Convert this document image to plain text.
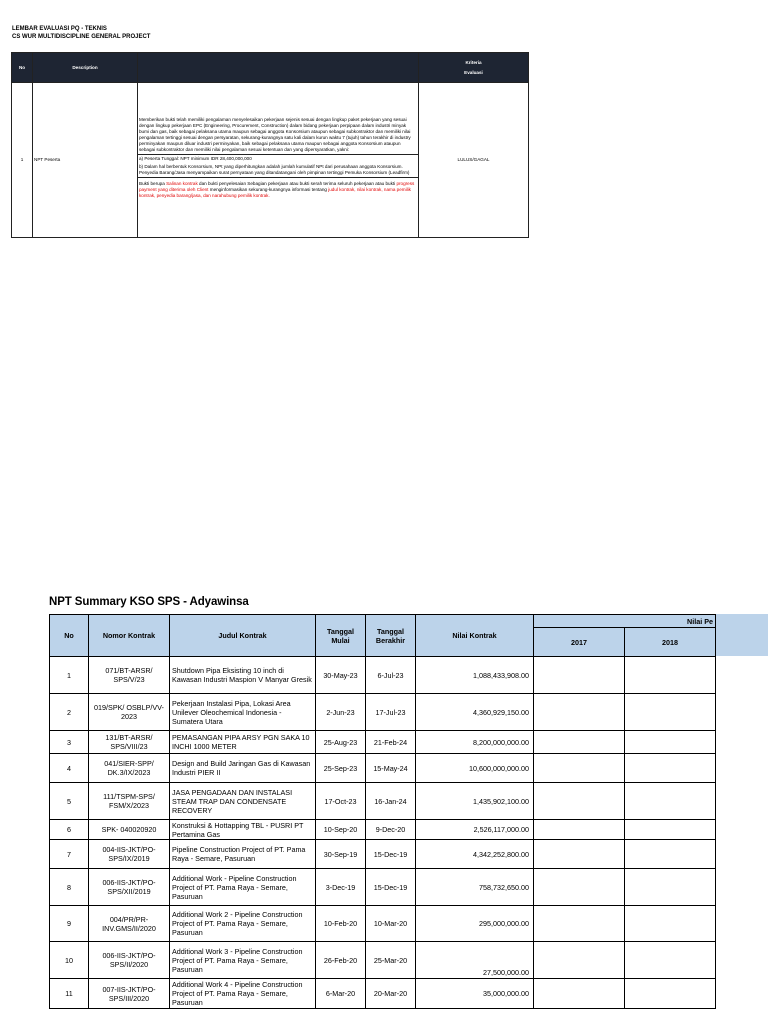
LEMBAR EVALUASI PQ - TEKNIS
CS WUR MULTIDISCIPLINE GENERAL PROJECT
No	Description		Kriteria
Evaluasi

1	NPT Peserta	Memberikan bukti telah memiliki pengalaman menyelesaikan pekerjaan sejenis sesuai dengan lingkup paket pekerjaan yang sesuai dengan lingkup pekerjaan EPC (Engineering, Procurement, Construction) dalam bidang pekerjaan perpipaan dalam industri minyak bumi dan gas, baik sebagai pelaksana utama maupun sebagai anggota Konsorsium ataupun sebagai subkontraktor dan memiliki nilai pengalaman tertinggi sesuai dengan persyaratan, sekurang-kurangnya satu kali dalam kurun waktu 7 (tujuh) tahun terakhir di industry perminyakan maupun diluar industri perminyakan, baik sebagai pelaksana utama maupun sebagai anggota Konsorsium ataupun sebagai subkontraktor dan memiliki nilai pengalaman sesuai ketentuan dan yang dipersyaratkan, yakni:
a) Peserta Tunggal: NPT minimum IDR 28,400,000,000
b) Dalam hal berbentuk Konsorsium, NPt yang diperhitungkan adalah jumlah kumulatif NPt dari perusahaan anggota Konsorsium. Penyedia Barang/Jasa menyampaikan surat pernyataan yang ditandatangani oleh pimpinan tertinggi Pemuka Konsorsium (Leadfirm)
Bukti berupa Salinan kontrak dan bukti penyelesaian Sebagian pekerjaan atau bukti serah terima seluruh pekerjaan atau bukti progress payment yang diterima oleh Client menginformasikan sekurang-kurangnya informasi tentang judul kontrak, nilai kontrak, nama pemilik kontrak, penyedia barang/jasa, dan narahubung pemilik kontrak.	LULUS/GAGAL
NPT Summary KSO SPS - Adyawinsa
No	Nomor Kontrak	Judul Kontrak	Tanggal Mulai	Tanggal Berakhir	Nilai Kontrak	Nilai Pe	
						2017	2018
1	071/BT-ARSR/ SPS/V/23	Shutdown Pipa Eksisting 10 inch di Kawasan Industri Maspion V Manyar Gresik	30-May-23	6-Jul-23	1,088,433,908.00		
2	019/SPK/ OSBLP/VV-2023	Pekerjaan Instalasi Pipa, Lokasi Area Unilever Oleochemical Indonesia - Sumatera Utara	2-Jun-23	17-Jul-23	4,360,929,150.00		
3	131/BT-ARSR/ SPS/VIII/23	PEMASANGAN PIPA ARSY PGN SAKA 10 INCHI 1000 METER	25-Aug-23	21-Feb-24	8,200,000,000.00		
4	041/SIER-SPP/ DK.3/IX/2023	Design and Build Jaringan Gas di Kawasan Industri PIER II	25-Sep-23	15-May-24	10,600,000,000.00		
5	111/TSPM-SPS/ FSM/X/2023	JASA PENGADAAN DAN INSTALASI STEAM TRAP DAN CONDENSATE RECOVERY	17-Oct-23	16-Jan-24	1,435,902,100.00		
6	SPK- 040020920	Konstruksi & Hottapping TBL - PUSRI PT Pertamina Gas	10-Sep-20	9-Dec-20	2,526,117,000.00		
7	004-IIS-JKT/PO- SPS/IX/2019	Pipeline Construction Project of PT. Pama Raya - Semare, Pasuruan	30-Sep-19	15-Dec-19	4,342,252,800.00		
8	006-IIS-JKT/PO- SPS/XII/2019	Additional Work - Pipeline Construction Project of PT. Pama Raya - Semare, Pasuruan	3-Dec-19	15-Dec-19	758,732,650.00		
9	004/PR/PR- INV.GMS/II/2020	Additional Work 2 - Pipeline Construction Project of PT. Pama Raya - Semare, Pasuruan	10-Feb-20	10-Mar-20	295,000,000.00		
10	006-IIS-JKT/PO- SPS/II/2020	Additional Work 3 - Pipeline Construction Project of PT. Pama Raya - Semare, Pasuruan	26-Feb-20	25-Mar-20	27,500,000.00		
11	007-IIS-JKT/PO- SPS/III/2020	Additional Work 4 - Pipeline Construction Project of PT. Pama Raya - Semare, Pasuruan	6-Mar-20	20-Mar-20	35,000,000.00		
